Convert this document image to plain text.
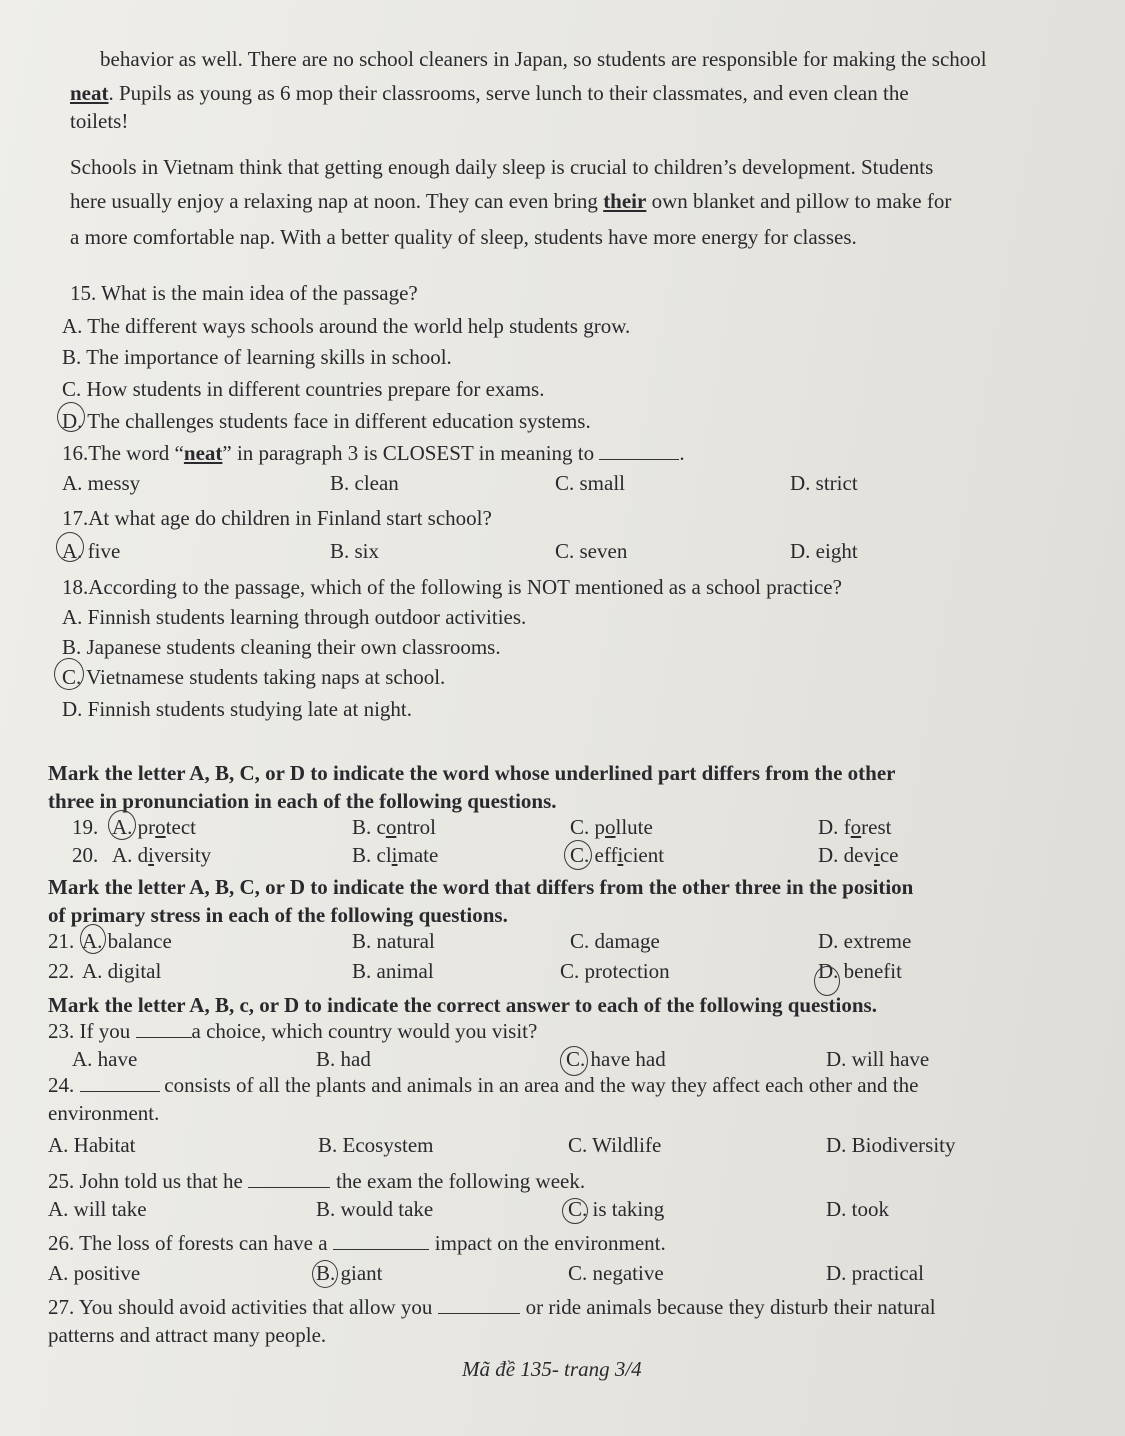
behavior as well. There are no school cleaners in Japan, so students are responsible for making the school
neat. Pupils as young as 6 mop their classrooms, serve lunch to their classmates, and even clean the
toilets!
Schools in Vietnam think that getting enough daily sleep is crucial to children’s development. Students
here usually enjoy a relaxing nap at noon. They can even bring their own blanket and pillow to make for
a more comfortable nap. With a better quality of sleep, students have more energy for classes.
15. What is the main idea of the passage?
A. The different ways schools around the world help students grow.
B. The importance of learning skills in school.
C. How students in different countries prepare for exams.
D. The challenges students face in different education systems.
16.The word “neat” in paragraph 3 is CLOSEST in meaning to	.
A. messy	B. clean	C. small	D. strict
17.At what age do children in Finland start school?
A. five	B. six	C. seven	D. eight
18.According to the passage, which of the following is NOT mentioned as a school practice?
A. Finnish students learning through outdoor activities.
B. Japanese students cleaning their own classrooms.
C. Vietnamese students taking naps at school.
D. Finnish students studying late at night.
Mark the letter A, B, C, or D to indicate the word whose underlined part differs from the other
three in pronunciation in each of the following questions.
19. A. protect	B. control	C. pollute	D. forest
20. A. diversity	B. climate	C. efficient	D. device
Mark the letter A, B, C, or D to indicate the word that differs from the other three in the position
of primary stress in each of the following questions.
21. A. balance	B. natural	C. damage	D. extreme
22. A. digital	B. animal	C. protection	D. benefit
Mark the letter A, B, c, or D to indicate the correct answer to each of the following questions.
23. If you	a choice, which country would you visit?
A. have	B. had	C. have had	D. will have
24.	consists of all the plants and animals in an area and the way they affect each other and the
environment.
A. Habitat	B. Ecosystem	C. Wildlife	D. Biodiversity
25. John told us that he	the exam the following week.
A. will take	B. would take	C. is taking	D. took
26. The loss of forests can have a	impact on the environment.
A. positive	B. giant	C. negative	D. practical
27. You should avoid activities that allow you	or ride animals because they disturb their natural
patterns and attract many people.
Mã đề 135- trang 3/4
